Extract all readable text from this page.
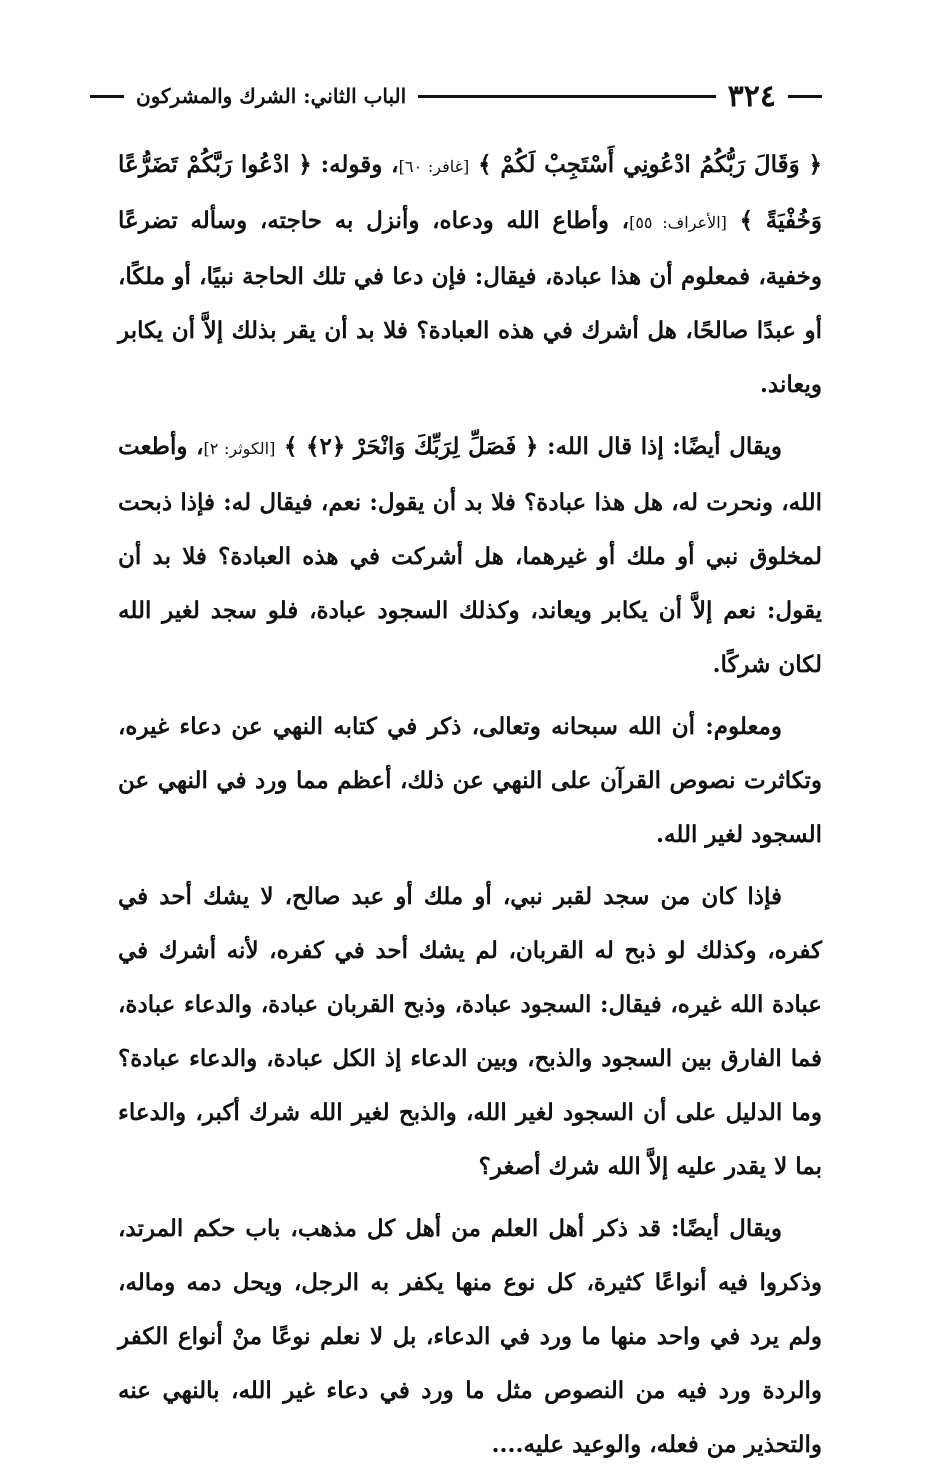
٣٢٤
الباب الثاني: الشرك والمشركون

﴿ وَقَالَ رَبُّكُمُ ادْعُونِي أَسْتَجِبْ لَكُمْ ﴾ [غافر: ٦٠]، وقوله: ﴿ ادْعُوا رَبَّكُمْ تَضَرُّعًا وَخُفْيَةً ﴾ [الأعراف: ٥٥]، وأطاع الله ودعاه، وأنزل به حاجته، وسأله تضرعًا وخفية، فمعلوم أن هذا عبادة، فيقال: فإن دعا في تلك الحاجة نبيًا، أو ملكًا، أو عبدًا صالحًا، هل أشرك في هذه العبادة؟ فلا بد أن يقر بذلك إلاَّ أن يكابر ويعاند.

ويقال أيضًا: إذا قال الله: ﴿ فَصَلِّ لِرَبِّكَ وَانْحَرْ ﴿٢﴾ ﴾ [الكوثر: ٢]، وأطعت الله، ونحرت له، هل هذا عبادة؟ فلا بد أن يقول: نعم، فيقال له: فإذا ذبحت لمخلوق نبي أو ملك أو غيرهما، هل أشركت في هذه العبادة؟ فلا بد أن يقول: نعم إلاَّ أن يكابر ويعاند، وكذلك السجود عبادة، فلو سجد لغير الله لكان شركًا.

ومعلوم: أن الله سبحانه وتعالى، ذكر في كتابه النهي عن دعاء غيره، وتكاثرت نصوص القرآن على النهي عن ذلك، أعظم مما ورد في النهي عن السجود لغير الله.

فإذا كان من سجد لقبر نبي، أو ملك أو عبد صالح، لا يشك أحد في كفره، وكذلك لو ذبح له القربان، لم يشك أحد في كفره، لأنه أشرك في عبادة الله غيره، فيقال: السجود عبادة، وذبح القربان عبادة، والدعاء عبادة، فما الفارق بين السجود والذبح، وبين الدعاء إذ الكل عبادة، والدعاء عبادة؟ وما الدليل على أن السجود لغير الله، والذبح لغير الله شرك أكبر، والدعاء بما لا يقدر عليه إلاَّ الله شرك أصغر؟

ويقال أيضًا: قد ذكر أهل العلم من أهل كل مذهب، باب حكم المرتد، وذكروا فيه أنواعًا كثيرة، كل نوع منها يكفر به الرجل، ويحل دمه وماله، ولم يرد في واحد منها ما ورد في الدعاء، بل لا نعلم نوعًا منْ أنواع الكفر والردة ورد فيه من النصوص مثل ما ورد في دعاء غير الله، بالنهي عنه والتحذير من فعله، والوعيد عليه....
